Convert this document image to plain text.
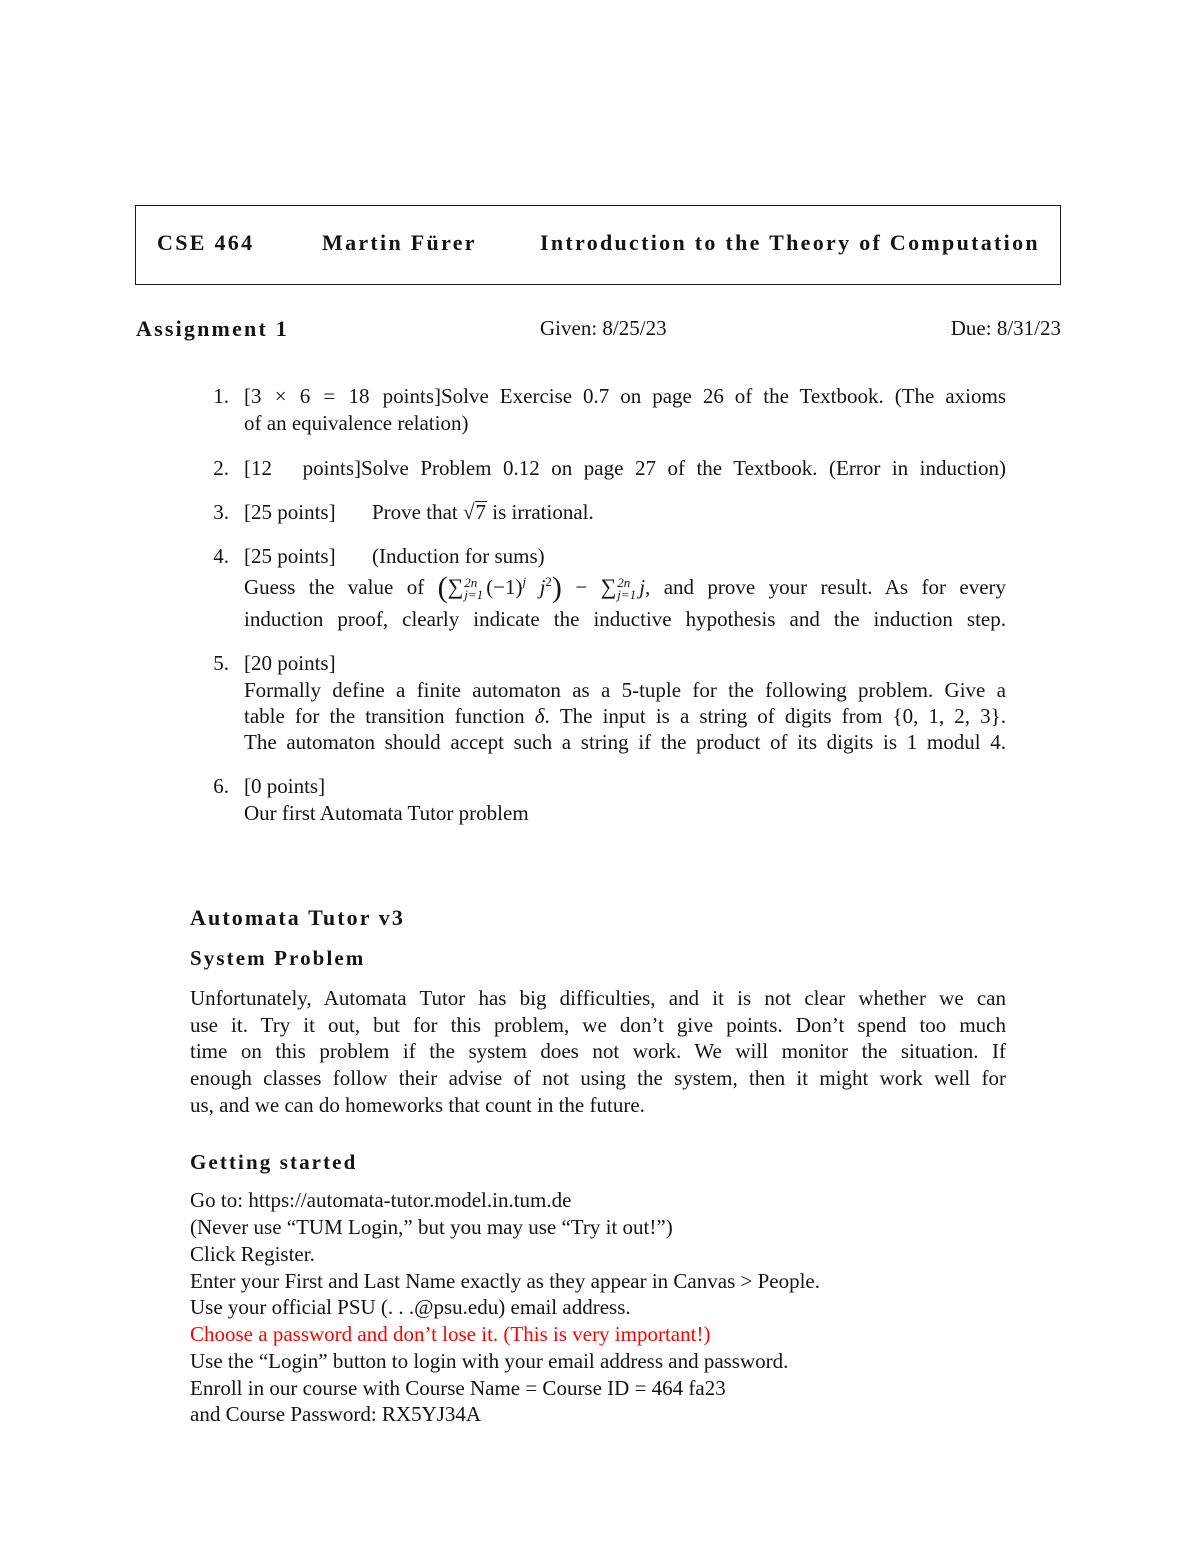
CSE 464	Martin Fürer	Introduction to the Theory of Computation
Assignment 1	Given: 8/25/23	Due: 8/31/23
1. [3 × 6 = 18 points]Solve Exercise 0.7 on page 26 of the Textbook. (The axioms
of an equivalence relation)
2. [12 points]Solve Problem 0.12 on page 27 of the Textbook. (Error in induction)
3. [25 points] Prove that √7 is irrational.
4. [25 points] (Induction for sums)
Guess the value of (∑ 2n
j=1 $(-1)^j$ $j^2$) − ∑ 2n
j=1 j, and prove your result. As for every
induction proof, clearly indicate the inductive hypothesis and the induction step.
5. [20 points]
Formally define a finite automaton as a 5-tuple for the following problem. Give a
table for the transition function δ. The input is a string of digits from {0, 1, 2, 3}.
The automaton should accept such a string if the product of its digits is 1 modul 4.
6. [0 points]
Our first Automata Tutor problem
Automata Tutor v3
System Problem
Unfortunately, Automata Tutor has big difficulties, and it is not clear whether we can
use it. Try it out, but for this problem, we don’t give points. Don’t spend too much
time on this problem if the system does not work. We will monitor the situation. If
enough classes follow their advise of not using the system, then it might work well for
us, and we can do homeworks that count in the future.
Getting started
Go to: https://automata-tutor.model.in.tum.de
(Never use “TUM Login,” but you may use “Try it out!”)
Click Register.
Enter your First and Last Name exactly as they appear in Canvas > People.
Use your official PSU (. . .@psu.edu) email address.
Choose a password and don’t lose it. (This is very important!)
Use the “Login” button to login with your email address and password.
Enroll in our course with Course Name = Course ID = 464 fa23
and Course Password: RX5YJ34A
